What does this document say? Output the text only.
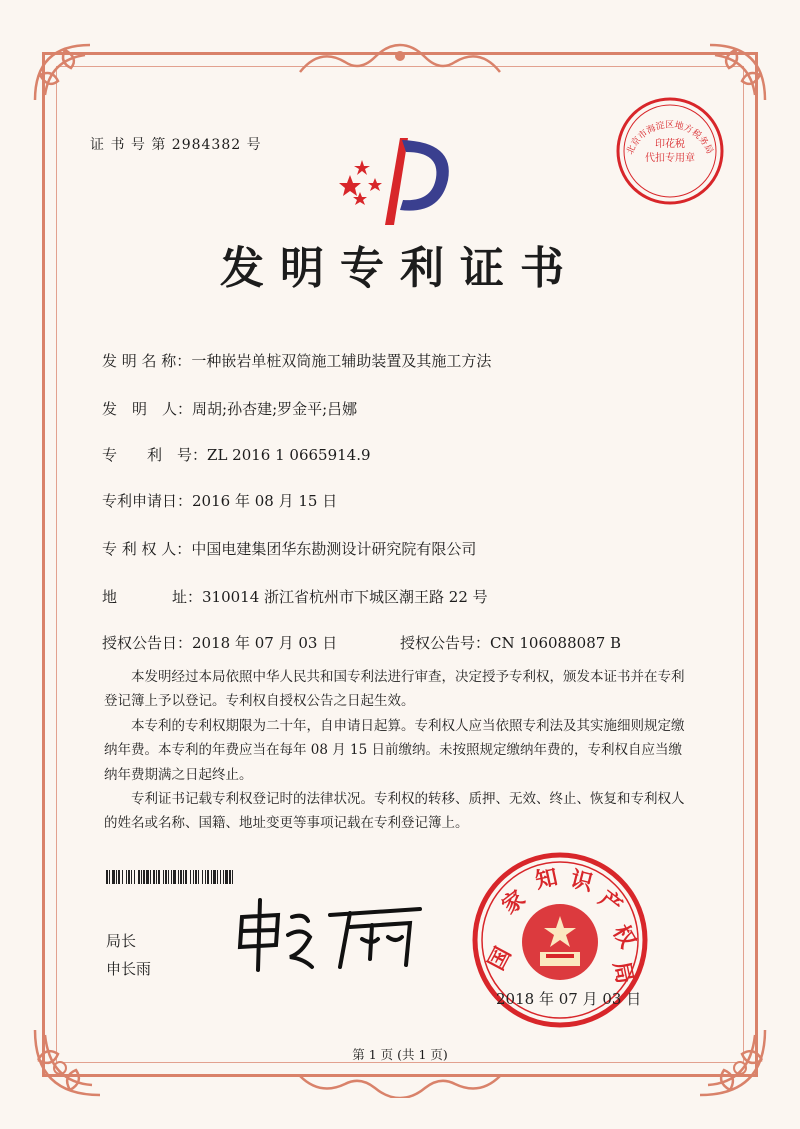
证 书 号 第 2984382 号
发明专利证书
发 明 名 称：一种嵌岩单桩双筒施工辅助装置及其施工方法
发　明　人：周胡;孙杏建;罗金平;吕娜
专　　利　号：ZL 2016 1 0665914.9
专利申请日：2016 年 08 月 15 日
专 利 权 人：中国电建集团华东勘测设计研究院有限公司
地	址： 310014 浙江省杭州市下城区潮王路 22 号
授权公告日：2018 年 07 月 03 日	授权公告号：CN 106088087 B

本发明经过本局依照中华人民共和国专利法进行审查，决定授予专利权，颁发本证书并在专利登记簿上予以登记。专利权自授权公告之日起生效。

本专利的专利权期限为二十年，自申请日起算。专利权人应当依照专利法及其实施细则规定缴纳年费。本专利的年费应当在每年 08 月 15 日前缴纳。未按照规定缴纳年费的，专利权自应当缴纳年费期满之日起终止。

专利证书记载专利权登记时的法律状况。专利权的转移、质押、无效、终止、恢复和专利权人的姓名或名称、国籍、地址变更等事项记载在专利登记簿上。

局长
申长雨	国
家
知 识
产
权
局
2018 年 07 月 03 日
北京市海淀区地方税务局
印花税
代扣专用章
第 1 页 (共 1 页)
